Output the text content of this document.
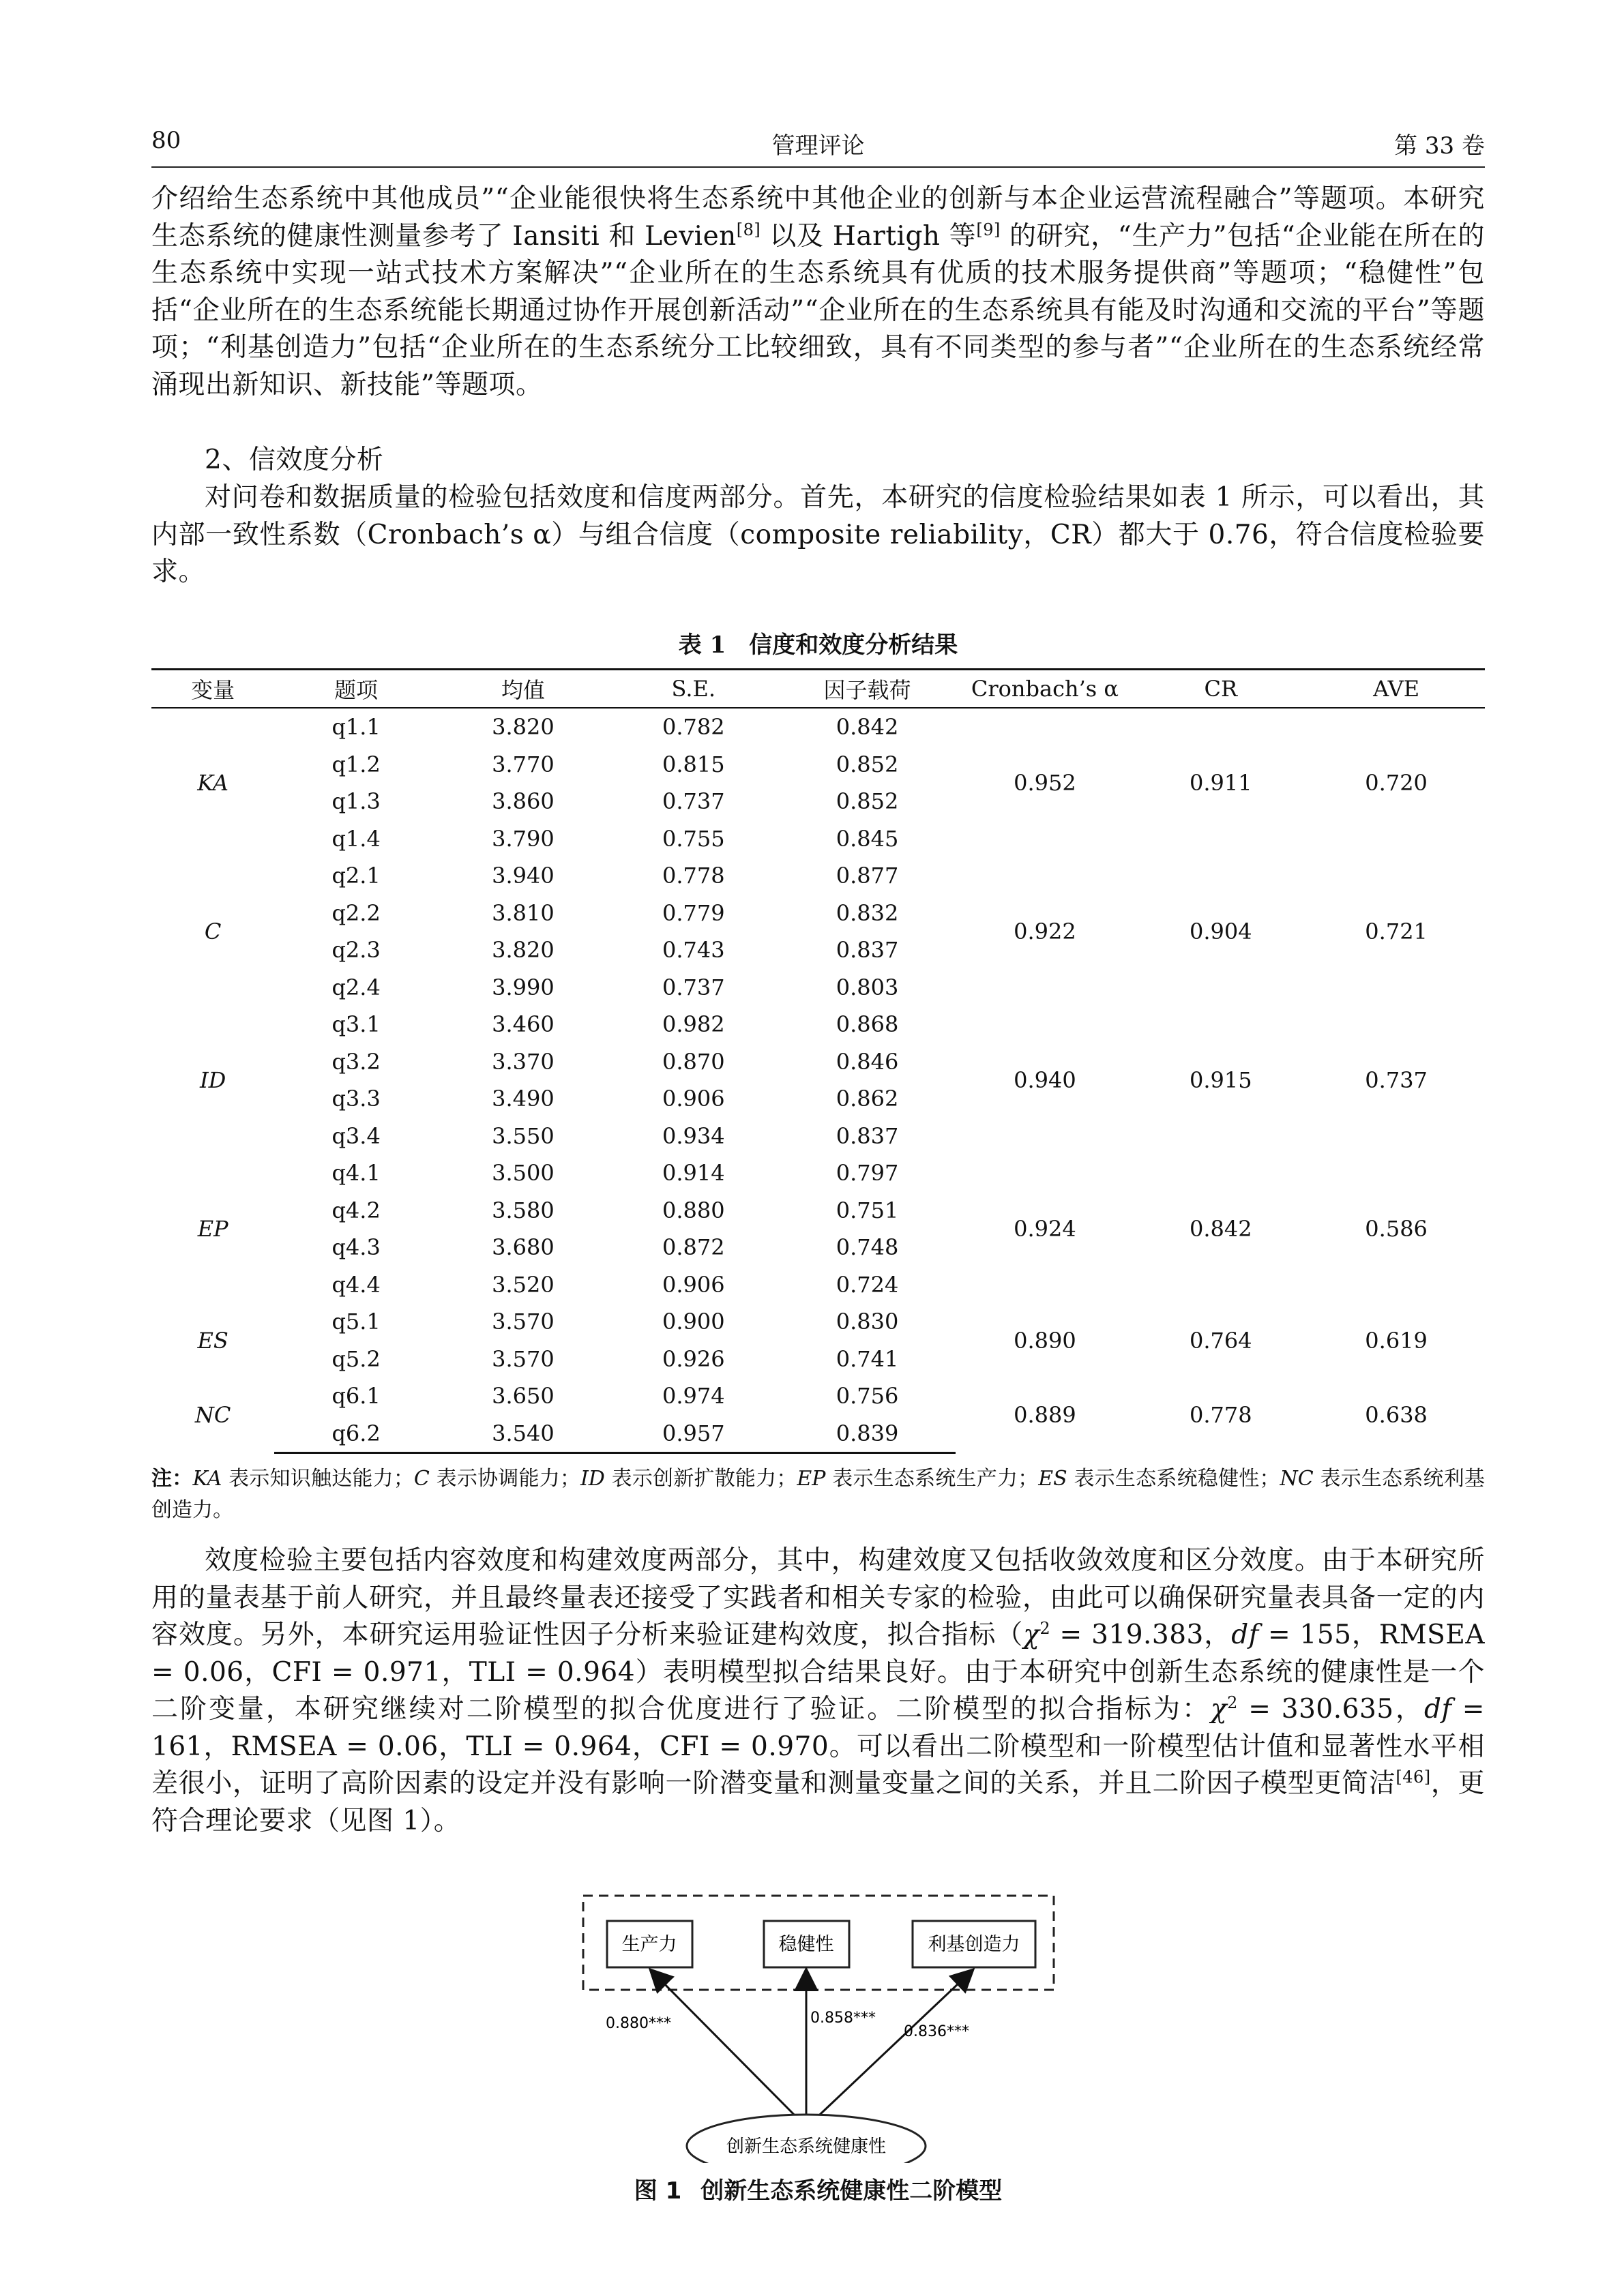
80	管理评论	第 33 卷
介绍给生态系统中其他成员”“企业能很快将生态系统中其他企业的创新与本企业运营流程融合”等题项。本研究生态系统的健康性测量参考了 Iansiti 和 Levien[8] 以及 Hartigh 等[9] 的研究，“生产力”包括“企业能在所在的生态系统中实现一站式技术方案解决”“企业所在的生态系统具有优质的技术服务提供商”等题项；“稳健性”包括“企业所在的生态系统能长期通过协作开展创新活动”“企业所在的生态系统具有能及时沟通和交流的平台”等题项；“利基创造力”包括“企业所在的生态系统分工比较细致，具有不同类型的参与者”“企业所在的生态系统经常涌现出新知识、新技能”等题项。
2、信效度分析
对问卷和数据质量的检验包括效度和信度两部分。首先，本研究的信度检验结果如表 1 所示，可以看出，其内部一致性系数（Cronbach’s α）与组合信度（composite reliability，CR）都大于 0.76，符合信度检验要求。
表 1　信度和效度分析结果
变量	题项	均值	S.E.	因子载荷	Cronbach’s α	CR	AVE
KA	q1.1	3.820	0.782	0.842	0.952	0.911	0.720
	q1.2	3.770	0.815	0.852			
	q1.3	3.860	0.737	0.852			
	q1.4	3.790	0.755	0.845			
C	q2.1	3.940	0.778	0.877	0.922	0.904	0.721
	q2.2	3.810	0.779	0.832			
	q2.3	3.820	0.743	0.837			
	q2.4	3.990	0.737	0.803			
ID	q3.1	3.460	0.982	0.868	0.940	0.915	0.737
	q3.2	3.370	0.870	0.846			
	q3.3	3.490	0.906	0.862			
	q3.4	3.550	0.934	0.837			
EP	q4.1	3.500	0.914	0.797	0.924	0.842	0.586
	q4.2	3.580	0.880	0.751			
	q4.3	3.680	0.872	0.748			
	q4.4	3.520	0.906	0.724			
ES	q5.1	3.570	0.900	0.830	0.890	0.764	0.619
	q5.2	3.570	0.926	0.741			
NC	q6.1	3.650	0.974	0.756	0.889	0.778	0.638
	q6.2	3.540	0.957	0.839			
注：KA 表示知识触达能力；C 表示协调能力；ID 表示创新扩散能力；EP 表示生态系统生产力；ES 表示生态系统稳健性；NC 表示生态系统利基创造力。
效度检验主要包括内容效度和构建效度两部分，其中，构建效度又包括收敛效度和区分效度。由于本研究所用的量表基于前人研究，并且最终量表还接受了实践者和相关专家的检验，由此可以确保研究量表具备一定的内容效度。另外，本研究运用验证性因子分析来验证建构效度，拟合指标（$\chi^2 = 319.383$，df = 155，RMSEA = 0.06，CFI = 0.971，TLI = 0.964）表明模型拟合结果良好。由于本研究中创新生态系统的健康性是一个二阶变量，本研究继续对二阶模型的拟合优度进行了验证。二阶模型的拟合指标为：$\chi^2 = 330.635$，df = 161，RMSEA = 0.06，TLI = 0.964，CFI = 0.970。可以看出二阶模型和一阶模型估计值和显著性水平相差很小，证明了高阶因素的设定并没有影响一阶潜变量和测量变量之间的关系，并且二阶因子模型更简洁[46]，更符合理论要求（见图 1）。
生产力	稳健性	利基创造力
0.880***	0.858***
0.836***
创新生态系统健康性
图 1 创新生态系统健康性二阶模型
